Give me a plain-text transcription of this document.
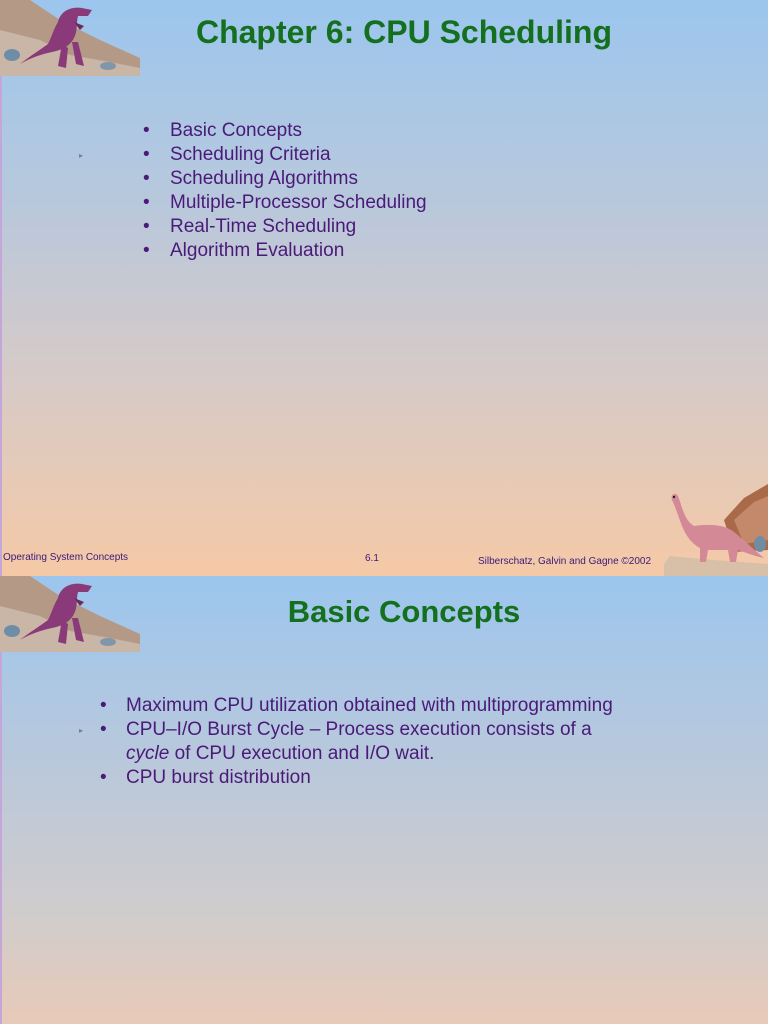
Chapter 6: CPU Scheduling
▸
• Basic Concepts
• Scheduling Criteria
• Scheduling Algorithms
• Multiple-Processor Scheduling
• Real-Time Scheduling
• Algorithm Evaluation
Operating System Concepts	6.1	Silberschatz, Galvin and Gagne ©2002
Basic Concepts
▸
• Maximum CPU utilization obtained with multiprogramming
• CPU–I/O Burst Cycle – Process execution consists of a
cycle of CPU execution and I/O wait.
• CPU burst distribution
